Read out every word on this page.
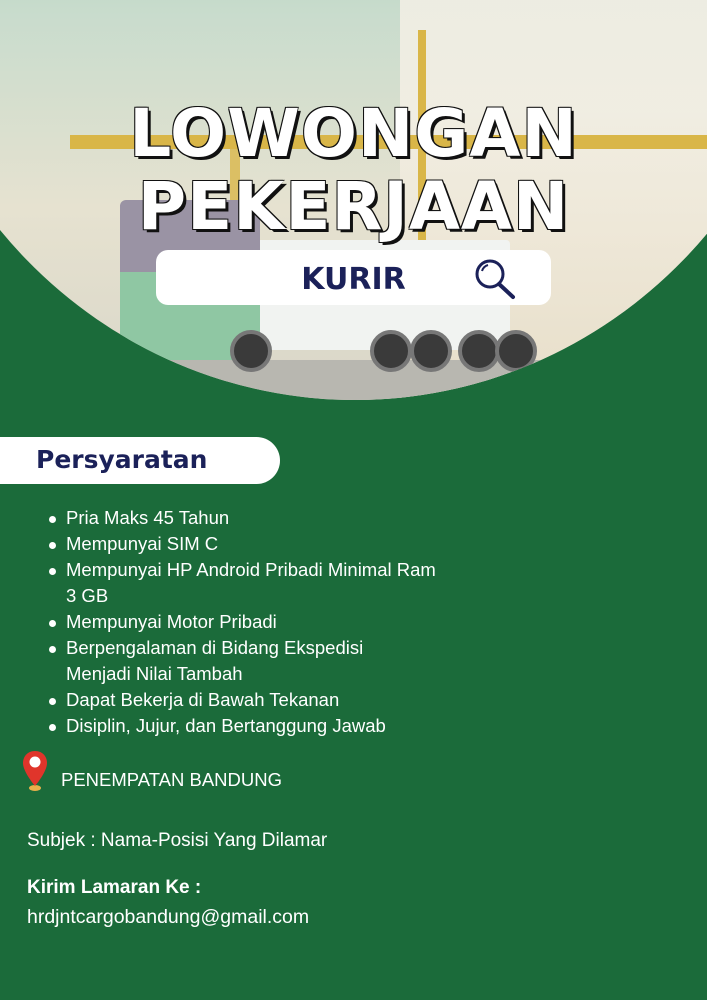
LOWONGAN
PEKERJAAN
KURIR
Persyaratan
Pria Maks 45 Tahun
Mempunyai SIM C
Mempunyai HP Android Pribadi Minimal Ram 3 GB
Mempunyai Motor Pribadi
Berpengalaman di Bidang Ekspedisi Menjadi Nilai Tambah
Dapat Bekerja di Bawah Tekanan
Disiplin, Jujur, dan Bertanggung Jawab
PENEMPATAN BANDUNG
Subjek : Nama-Posisi Yang Dilamar
Kirim Lamaran Ke :
hrdjntcargobandung@gmail.com
